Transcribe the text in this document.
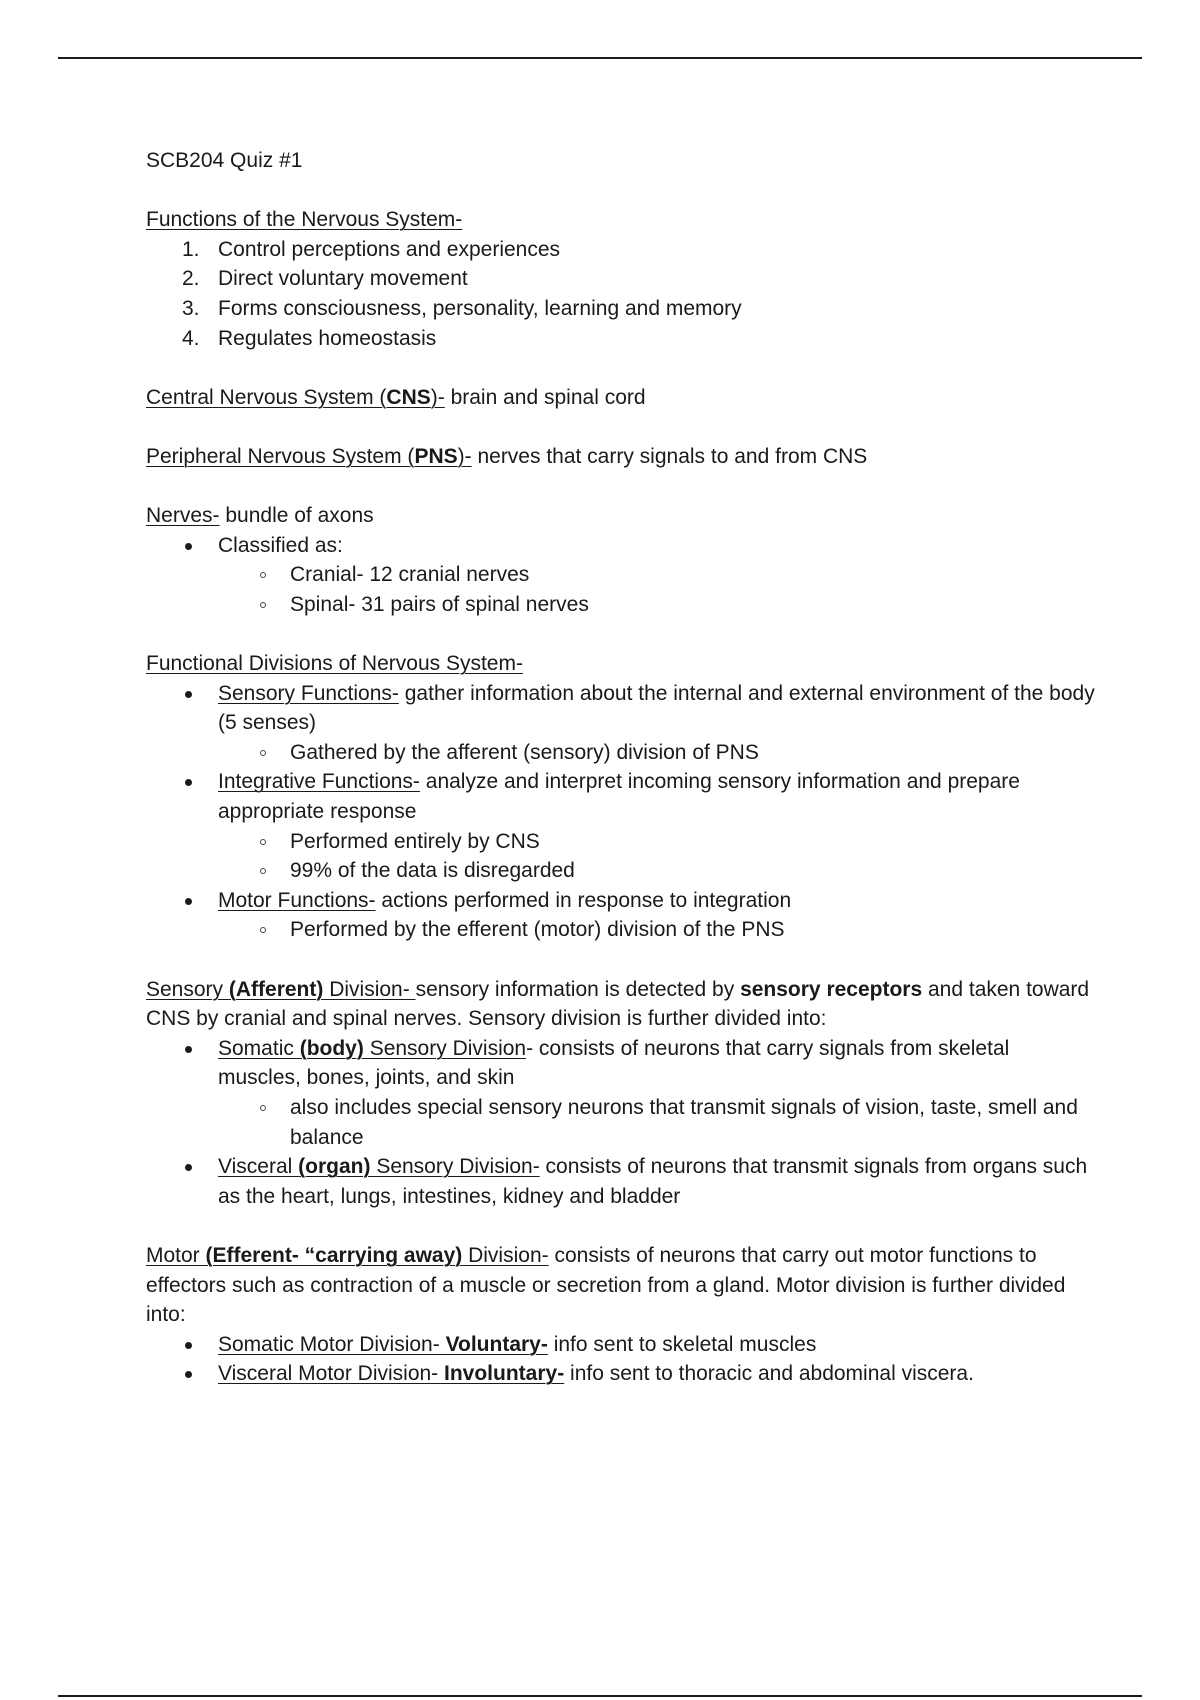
SCB204 Quiz #1

Functions of the Nervous System-

1. Control perceptions and experiences
2. Direct voluntary movement
3. Forms consciousness, personality, learning and memory
4. Regulates homeostasis

Central Nervous System (CNS)- brain and spinal cord

Peripheral Nervous System (PNS)- nerves that carry signals to and from CNS

Nerves- bundle of axons

Classified as:
Cranial- 12 cranial nerves
Spinal- 31 pairs of spinal nerves

Functional Divisions of Nervous System-

Sensory Functions- gather information about the internal and external environment of the body (5 senses)
Gathered by the afferent (sensory) division of PNS
Integrative Functions- analyze and interpret incoming sensory information and prepare appropriate response
Performed entirely by CNS
99% of the data is disregarded
Motor Functions- actions performed in response to integration
Performed by the efferent (motor) division of the PNS

Sensory (Afferent) Division- sensory information is detected by sensory receptors and taken toward CNS by cranial and spinal nerves. Sensory division is further divided into:

Somatic (body) Sensory Division- consists of neurons that carry signals from skeletal muscles, bones, joints, and skin
also includes special sensory neurons that transmit signals of vision, taste, smell and balance
Visceral (organ) Sensory Division- consists of neurons that transmit signals from organs such as the heart, lungs, intestines, kidney and bladder

Motor (Efferent- “carrying away) Division- consists of neurons that carry out motor functions to effectors such as contraction of a muscle or secretion from a gland. Motor division is further divided into:

Somatic Motor Division- Voluntary- info sent to skeletal muscles
Visceral Motor Division- Involuntary- info sent to thoracic and abdominal viscera.
